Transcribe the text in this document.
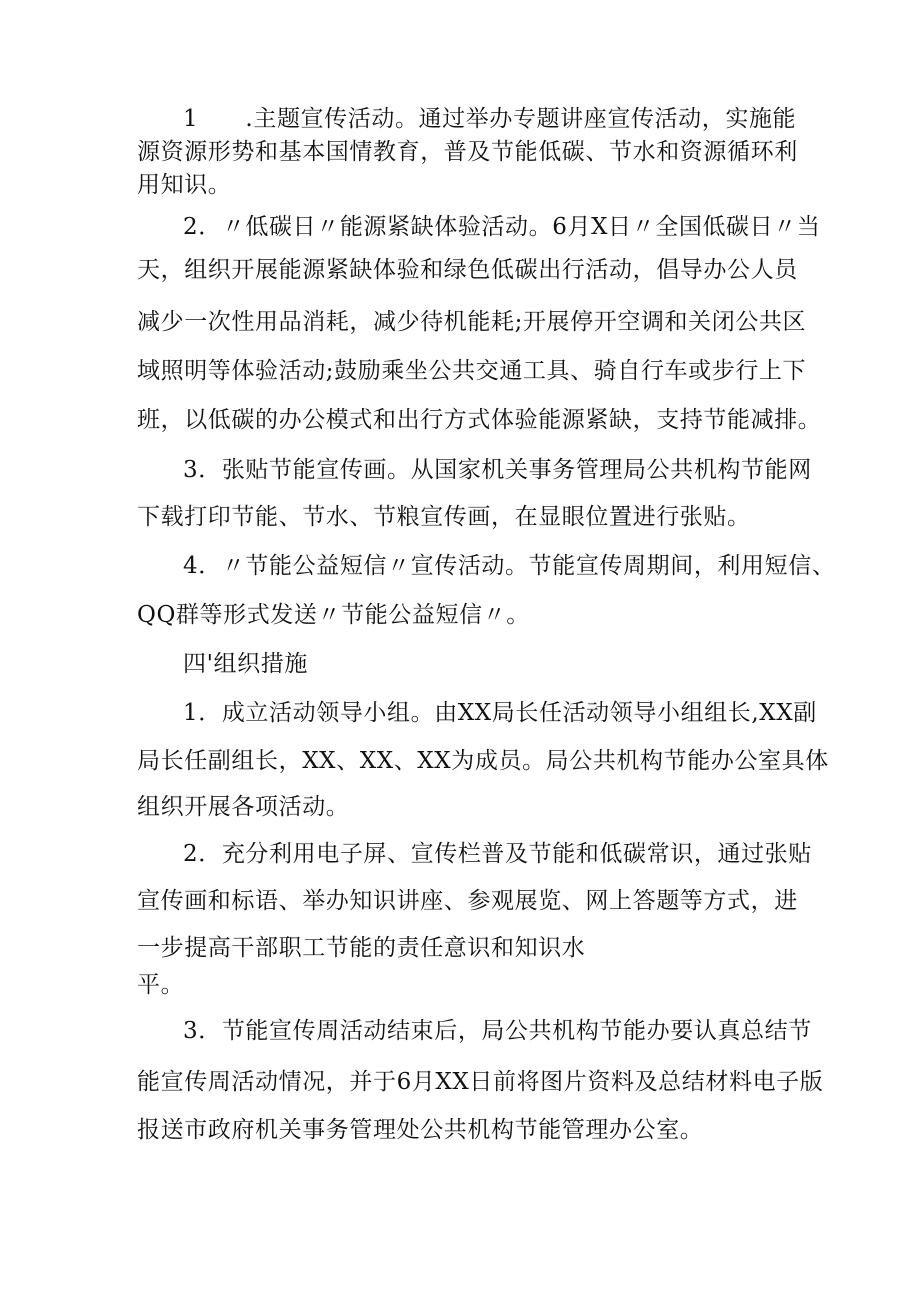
1　　.主题宣传活动。通过举办专题讲座宣传活动，实施能
源资源形势和基本国情教育，普及节能低碳、节水和资源循环利
用知识。
2．〃低碳日〃能源紧缺体验活动。6月X日〃全国低碳日〃当
天，组织开展能源紧缺体验和绿色低碳出行活动，倡导办公人员
减少一次性用品消耗，减少待机能耗;开展停开空调和关闭公共区
域照明等体验活动;鼓励乘坐公共交通工具、骑自行车或步行上下
班，以低碳的办公模式和出行方式体验能源紧缺，支持节能减排。
3．张贴节能宣传画。从国家机关事务管理局公共机构节能网
下载打印节能、节水、节粮宣传画，在显眼位置进行张贴。
4．〃节能公益短信〃宣传活动。节能宣传周期间，利用短信、
QQ群等形式发送〃节能公益短信〃。
四'组织措施
1．成立活动领导小组。由XX局长任活动领导小组组长,XX副
局长任副组长，XX、XX、XX为成员。局公共机构节能办公室具体
组织开展各项活动。
2．充分利用电子屏、宣传栏普及节能和低碳常识，通过张贴
宣传画和标语、举办知识讲座、参观展览、网上答题等方式，进
一步提高干部职工节能的责任意识和知识水
平。
3．节能宣传周活动结束后，局公共机构节能办要认真总结节
能宣传周活动情况，并于6月XX日前将图片资料及总结材料电子版
报送市政府机关事务管理处公共机构节能管理办公室。
